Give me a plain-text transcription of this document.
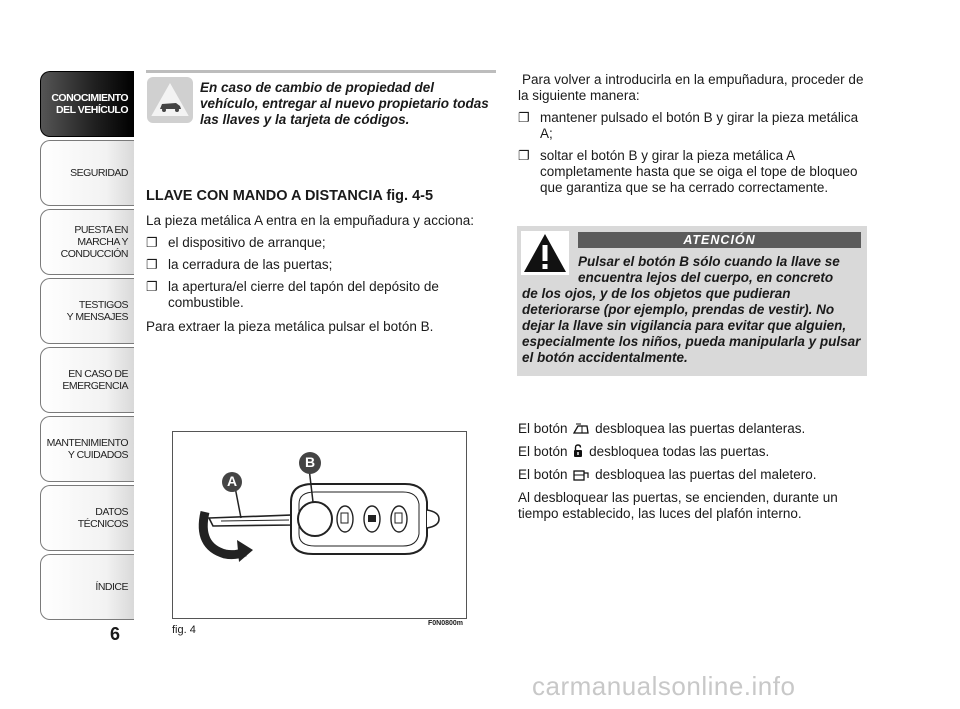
CONOCIMIENTO
DEL VEHÍCULO
SEGURIDAD
PUESTA EN
MARCHA Y
CONDUCCIÓN
TESTIGOS
Y MENSAJES
EN CASO DE
EMERGENCIA
MANTENIMIENTO
Y CUIDADOS
DATOS
TÉCNICOS
ÍNDICE
6
En caso de cambio de propiedad del vehículo, entregar al nuevo propietario todas las llaves y la tarjeta de códigos.
LLAVE CON MANDO A DISTANCIA fig. 4-5
La pieza metálica A entra en la empuñadura y acciona:
❐ el dispositivo de arranque;
❐ la cerradura de las puertas;
❐ la apertura/el cierre del tapón del depósito de combustible.
Para extraer la pieza metálica pulsar el botón B.
A
B
fig. 4
F0N0800m
Para volver a introducirla en la empuñadura, proceder de la siguiente manera:
❐ mantener pulsado el botón B y girar la pieza metálica A;
❐ soltar el botón B y girar la pieza metálica A completamente hasta que se oiga el tope de bloqueo que garantiza que se ha cerrado correctamente.
ATENCIÓN
Pulsar el botón B sólo cuando la llave se encuentra lejos del cuerpo, en concreto
de los ojos, y de los objetos que pudieran deteriorarse (por ejemplo, prendas de vestir). No dejar la llave sin vigilancia para evitar que alguien, especialmente los niños, pueda manipularla y pulsar el botón accidentalmente.
El botón desbloquea las puertas delanteras.
El botón desbloquea todas las puertas.
El botón desbloquea las puertas del maletero.
Al desbloquear las puertas, se encienden, durante un tiempo establecido, las luces del plafón interno.
carmanualsonline.info
